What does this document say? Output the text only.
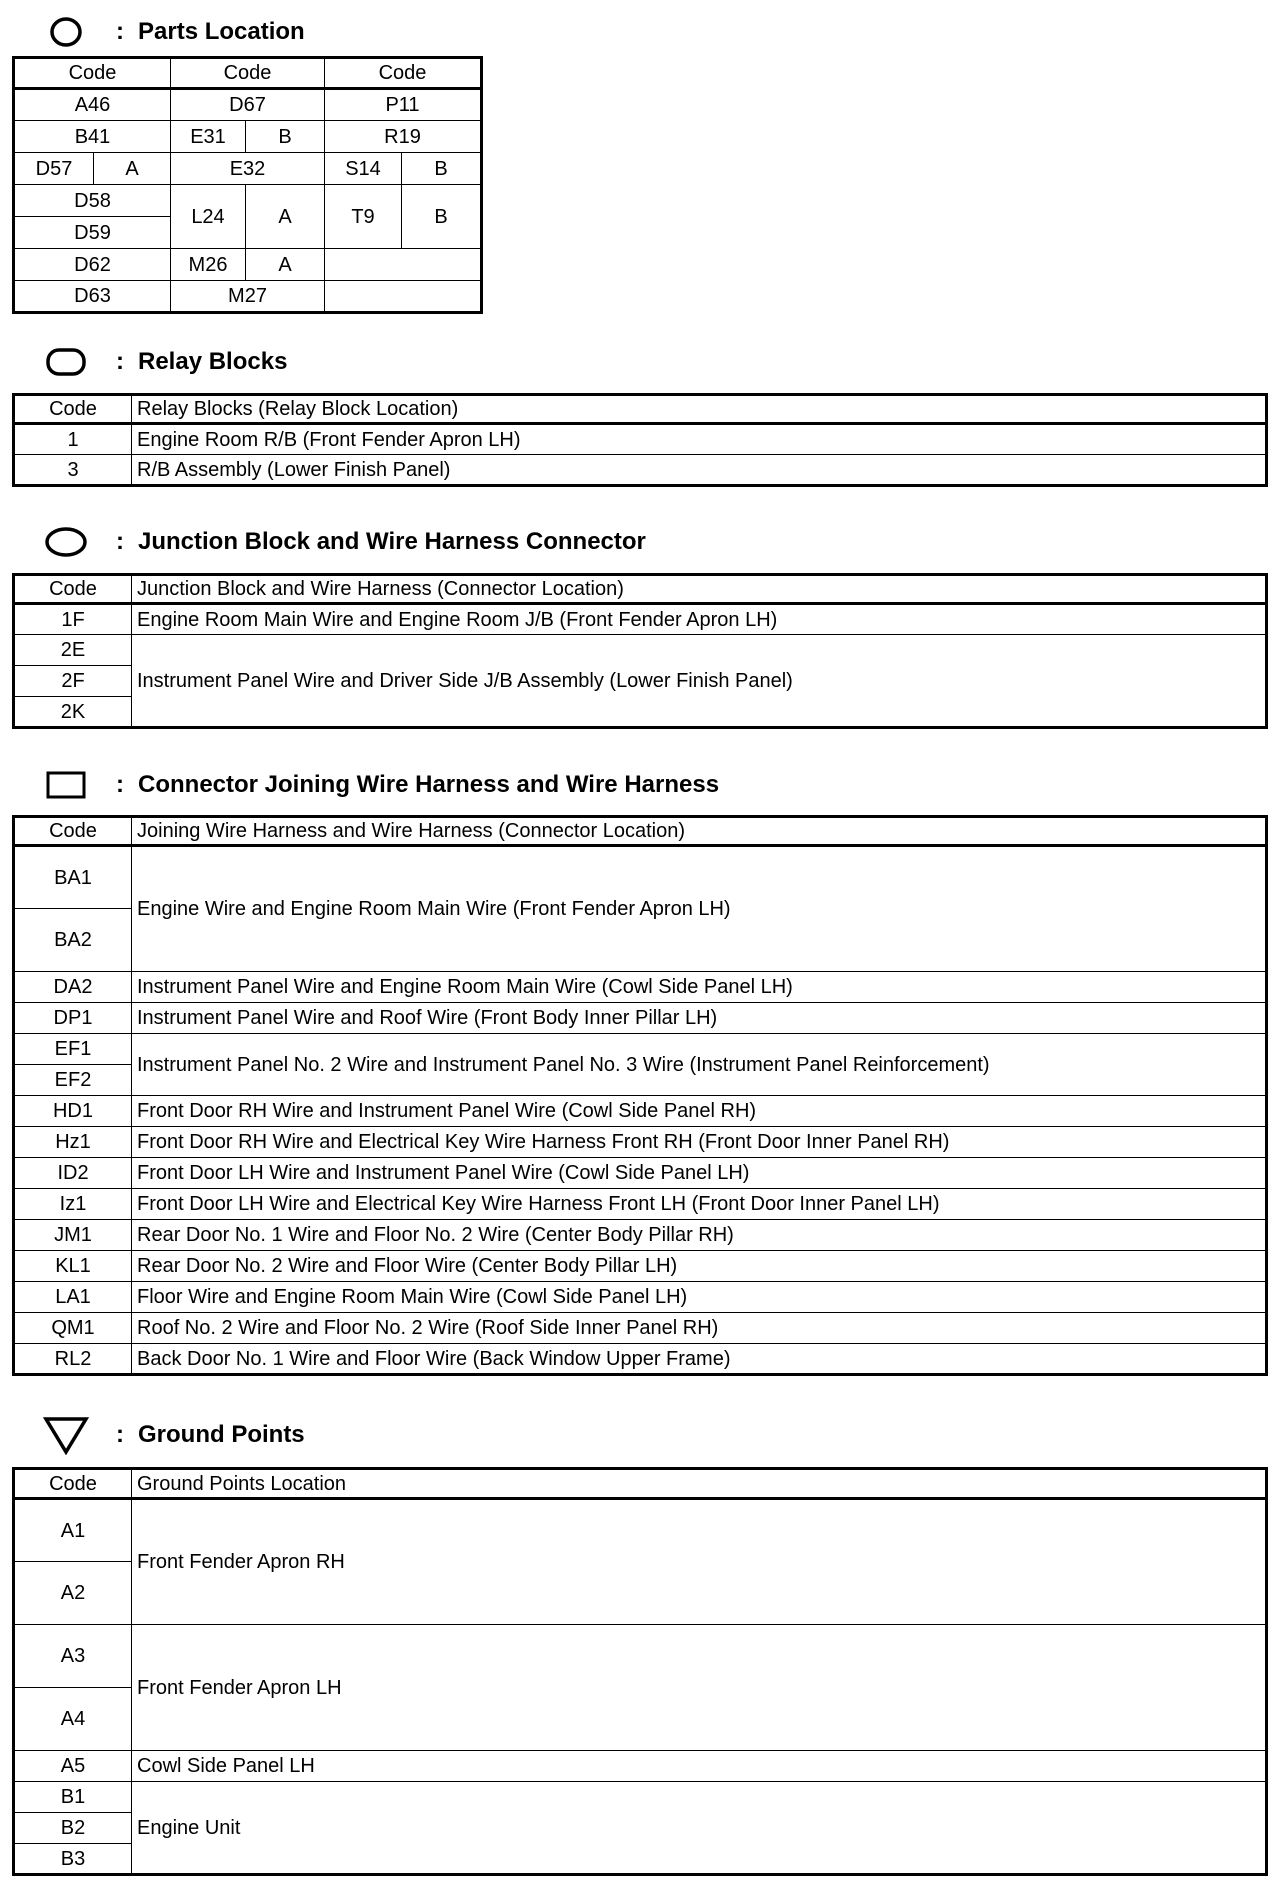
: Parts Location
Code		Code		Code	
A46		D67		P11	
B41		E31	B	R19	
D57	A	E32		S14	B
D58		L24	A	T9	B
D59					
D62		M26	A		
D63		M27			
: Relay Blocks
Code	Relay Blocks (Relay Block Location)
1	Engine Room R/B (Front Fender Apron LH)
3	R/B Assembly (Lower Finish Panel)
: Junction Block and Wire Harness Connector
Code	Junction Block and Wire Harness (Connector Location)
1F	Engine Room Main Wire and Engine Room J/B (Front Fender Apron LH)
2E	Instrument Panel Wire and Driver Side J/B Assembly (Lower Finish Panel)
2F	
2K	
: Connector Joining Wire Harness and Wire Harness
Code	Joining Wire Harness and Wire Harness (Connector Location)
BA1	Engine Wire and Engine Room Main Wire (Front Fender Apron LH)
BA2	
DA2	Instrument Panel Wire and Engine Room Main Wire (Cowl Side Panel LH)
DP1	Instrument Panel Wire and Roof Wire (Front Body Inner Pillar LH)
EF1	Instrument Panel No. 2 Wire and Instrument Panel No. 3 Wire (Instrument Panel Reinforcement)
EF2	
HD1	Front Door RH Wire and Instrument Panel Wire (Cowl Side Panel RH)
Hz1	Front Door RH Wire and Electrical Key Wire Harness Front RH (Front Door Inner Panel RH)
ID2	Front Door LH Wire and Instrument Panel Wire (Cowl Side Panel LH)
Iz1	Front Door LH Wire and Electrical Key Wire Harness Front LH (Front Door Inner Panel LH)
JM1	Rear Door No. 1 Wire and Floor No. 2 Wire (Center Body Pillar RH)
KL1	Rear Door No. 2 Wire and Floor Wire (Center Body Pillar LH)
LA1	Floor Wire and Engine Room Main Wire (Cowl Side Panel LH)
QM1	Roof No. 2 Wire and Floor No. 2 Wire (Roof Side Inner Panel RH)
RL2	Back Door No. 1 Wire and Floor Wire (Back Window Upper Frame)
: Ground Points
Code	Ground Points Location
A1	Front Fender Apron RH
A2	
A3	Front Fender Apron LH
A4	
A5	Cowl Side Panel LH
B1	Engine Unit
B2	
B3	
